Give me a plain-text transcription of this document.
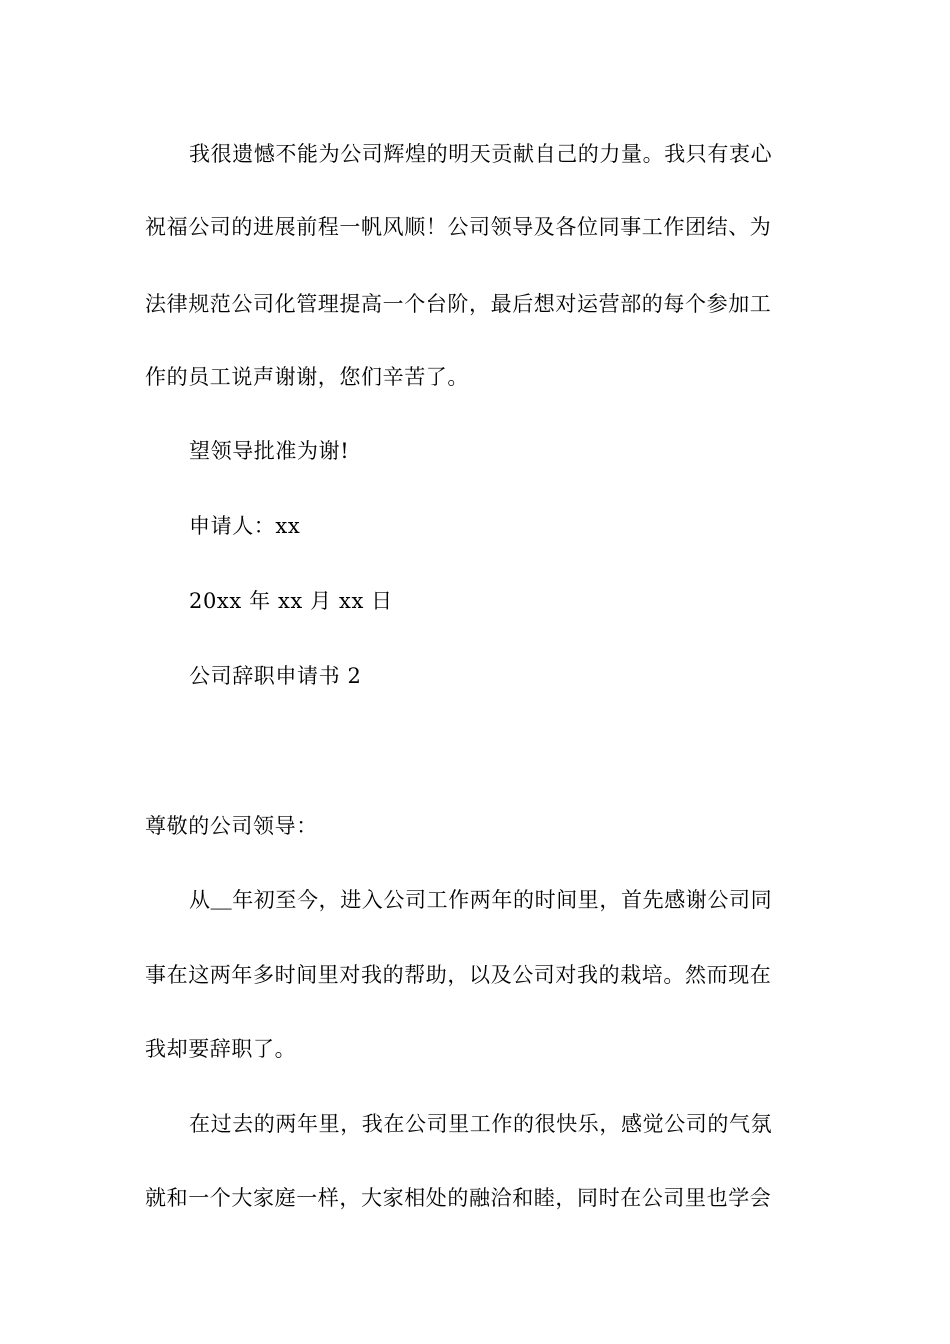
我很遗憾不能为公司辉煌的明天贡献自己的力量。我只有衷心
祝福公司的进展前程一帆风顺！公司领导及各位同事工作团结、为
法律规范公司化管理提高一个台阶，最后想对运营部的每个参加工
作的员工说声谢谢，您们辛苦了。
望领导批准为谢!
申请人：xx
20xx 年 xx 月 xx 日
公司辞职申请书 2
尊敬的公司领导：
从＿年初至今，进入公司工作两年的时间里，首先感谢公司同
事在这两年多时间里对我的帮助，以及公司对我的栽培。然而现在
我却要辞职了。
在过去的两年里，我在公司里工作的很快乐，感觉公司的气氛
就和一个大家庭一样，大家相处的融洽和睦，同时在公司里也学会
